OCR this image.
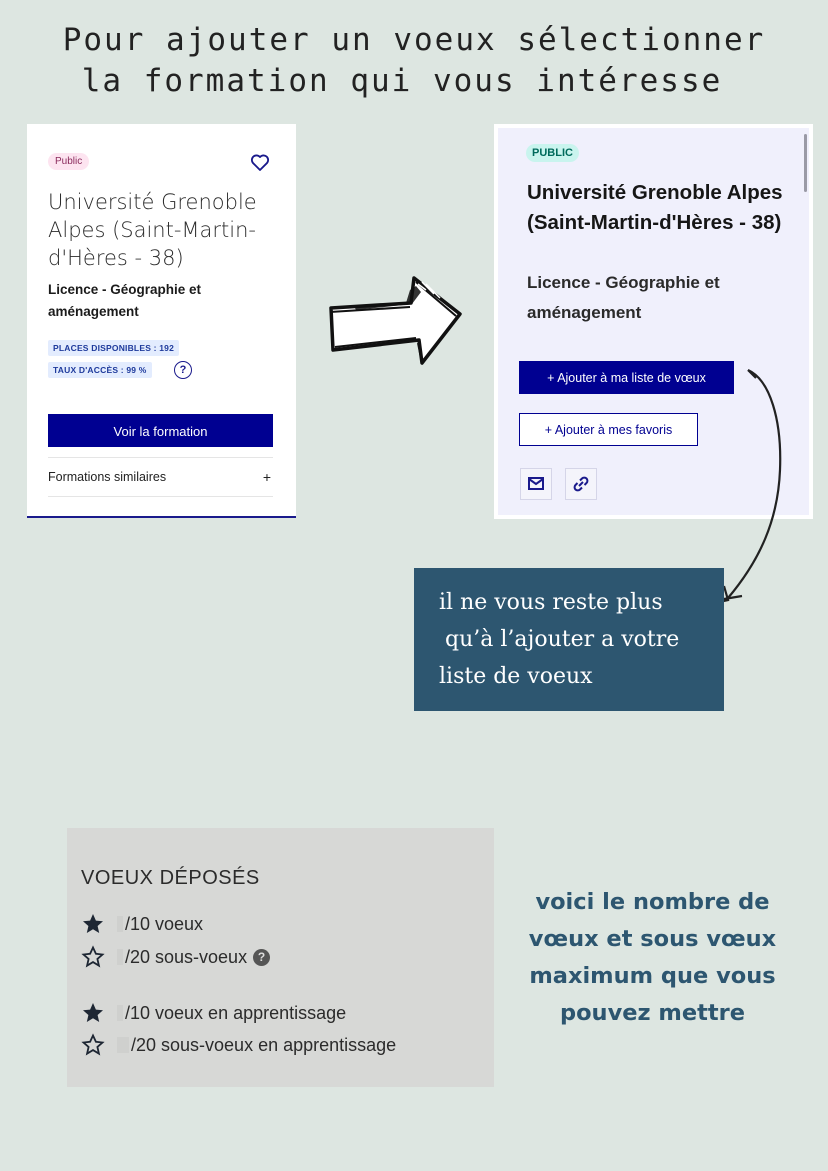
Pour ajouter un voeux sélectionner

la formation qui vous intéresse
Public
Université Grenoble Alpes (Saint-Martin-d'Hères - 38)
Licence - Géographie et aménagement
PLACES DISPONIBLES : 192
TAUX D'ACCÈS : 99 %	?
Voir la formation
Formations similaires	+
PUBLIC
Université Grenoble Alpes (Saint-Martin-d'Hères - 38)
Licence - Géographie et aménagement
+ Ajouter à ma liste de vœux
+ Ajouter à mes favoris
il ne vous reste plus
qu’à l’ajouter a votre
liste de voeux
VOEUX DÉPOSÉS
/10 voeux
/20 sous-voeux ?
/10 voeux en apprentissage
/20 sous-voeux en apprentissage
voici le nombre de vœux et sous vœux maximum que vous pouvez mettre
